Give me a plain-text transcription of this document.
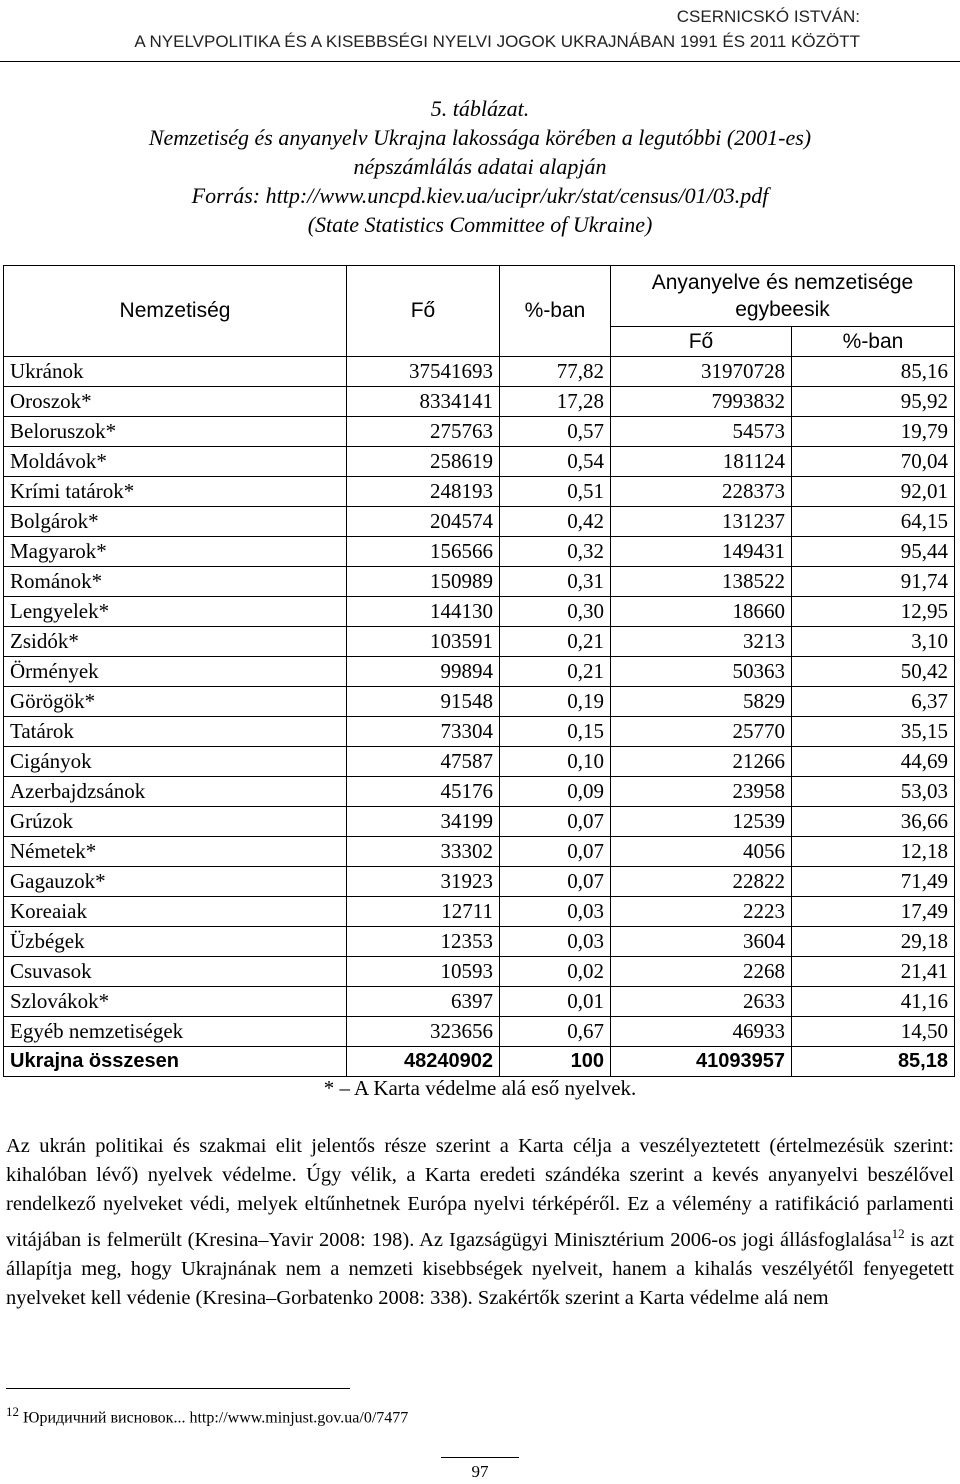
CSERNICSKÓ ISTVÁN:
A NYELVPOLITIKA ÉS A KISEBBSÉGI NYELVI JOGOK UKRAJNÁBAN 1991 ÉS 2011 KÖZÖTT
5. táblázat.
Nemzetiség és anyanyelv Ukrajna lakossága körében a legutóbbi (2001-es)
népszámlálás adatai alapján
Forrás: http://www.uncpd.kiev.ua/ucipr/ukr/stat/census/01/03.pdf
(State Statistics Committee of Ukraine)
Nemzetiség	Fő	%-ban	Anyanyelve és nemzetisége egybeesik	
			Fő	%-ban
Ukránok	37541693	77,82	31970728	85,16
Oroszok*	8334141	17,28	7993832	95,92
Beloruszok*	275763	0,57	54573	19,79
Moldávok*	258619	0,54	181124	70,04
Krími tatárok*	248193	0,51	228373	92,01
Bolgárok*	204574	0,42	131237	64,15
Magyarok*	156566	0,32	149431	95,44
Románok*	150989	0,31	138522	91,74
Lengyelek*	144130	0,30	18660	12,95
Zsidók*	103591	0,21	3213	3,10
Örmények	99894	0,21	50363	50,42
Görögök*	91548	0,19	5829	6,37
Tatárok	73304	0,15	25770	35,15
Cigányok	47587	0,10	21266	44,69
Azerbajdzsánok	45176	0,09	23958	53,03
Grúzok	34199	0,07	12539	36,66
Németek*	33302	0,07	4056	12,18
Gagauzok*	31923	0,07	22822	71,49
Koreaiak	12711	0,03	2223	17,49
Üzbégek	12353	0,03	3604	29,18
Csuvasok	10593	0,02	2268	21,41
Szlovákok*	6397	0,01	2633	41,16
Egyéb nemzetiségek	323656	0,67	46933	14,50
Ukrajna összesen	48240902	100	41093957	85,18
* – A Karta védelme alá eső nyelvek.
Az ukrán politikai és szakmai elit jelentős része szerint a Karta célja a veszélyeztetett (értelmezésük szerint: kihalóban lévő) nyelvek védelme. Úgy vélik, a Karta eredeti szándéka szerint a kevés anyanyelvi beszélővel rendelkező nyelveket védi, melyek eltűnhetnek Európa nyelvi térképéről. Ez a vélemény a ratifikáció parlamenti vitájában is felmerült (Kresina–Yavir 2008: 198). Az Igazságügyi Minisztérium 2006-os jogi állásfoglalása$^{12}$ is azt állapítja meg, hogy Ukrajnának nem a nemzeti kisebbségek nyelveit, hanem a kihalás veszélyétől fenyegetett nyelveket kell védenie (Kresina–Gorbatenko 2008: 338). Szakértők szerint a Karta védelme alá nem
$^{12}$ Юридичний висновок... http://www.minjust.gov.ua/0/7477
97
